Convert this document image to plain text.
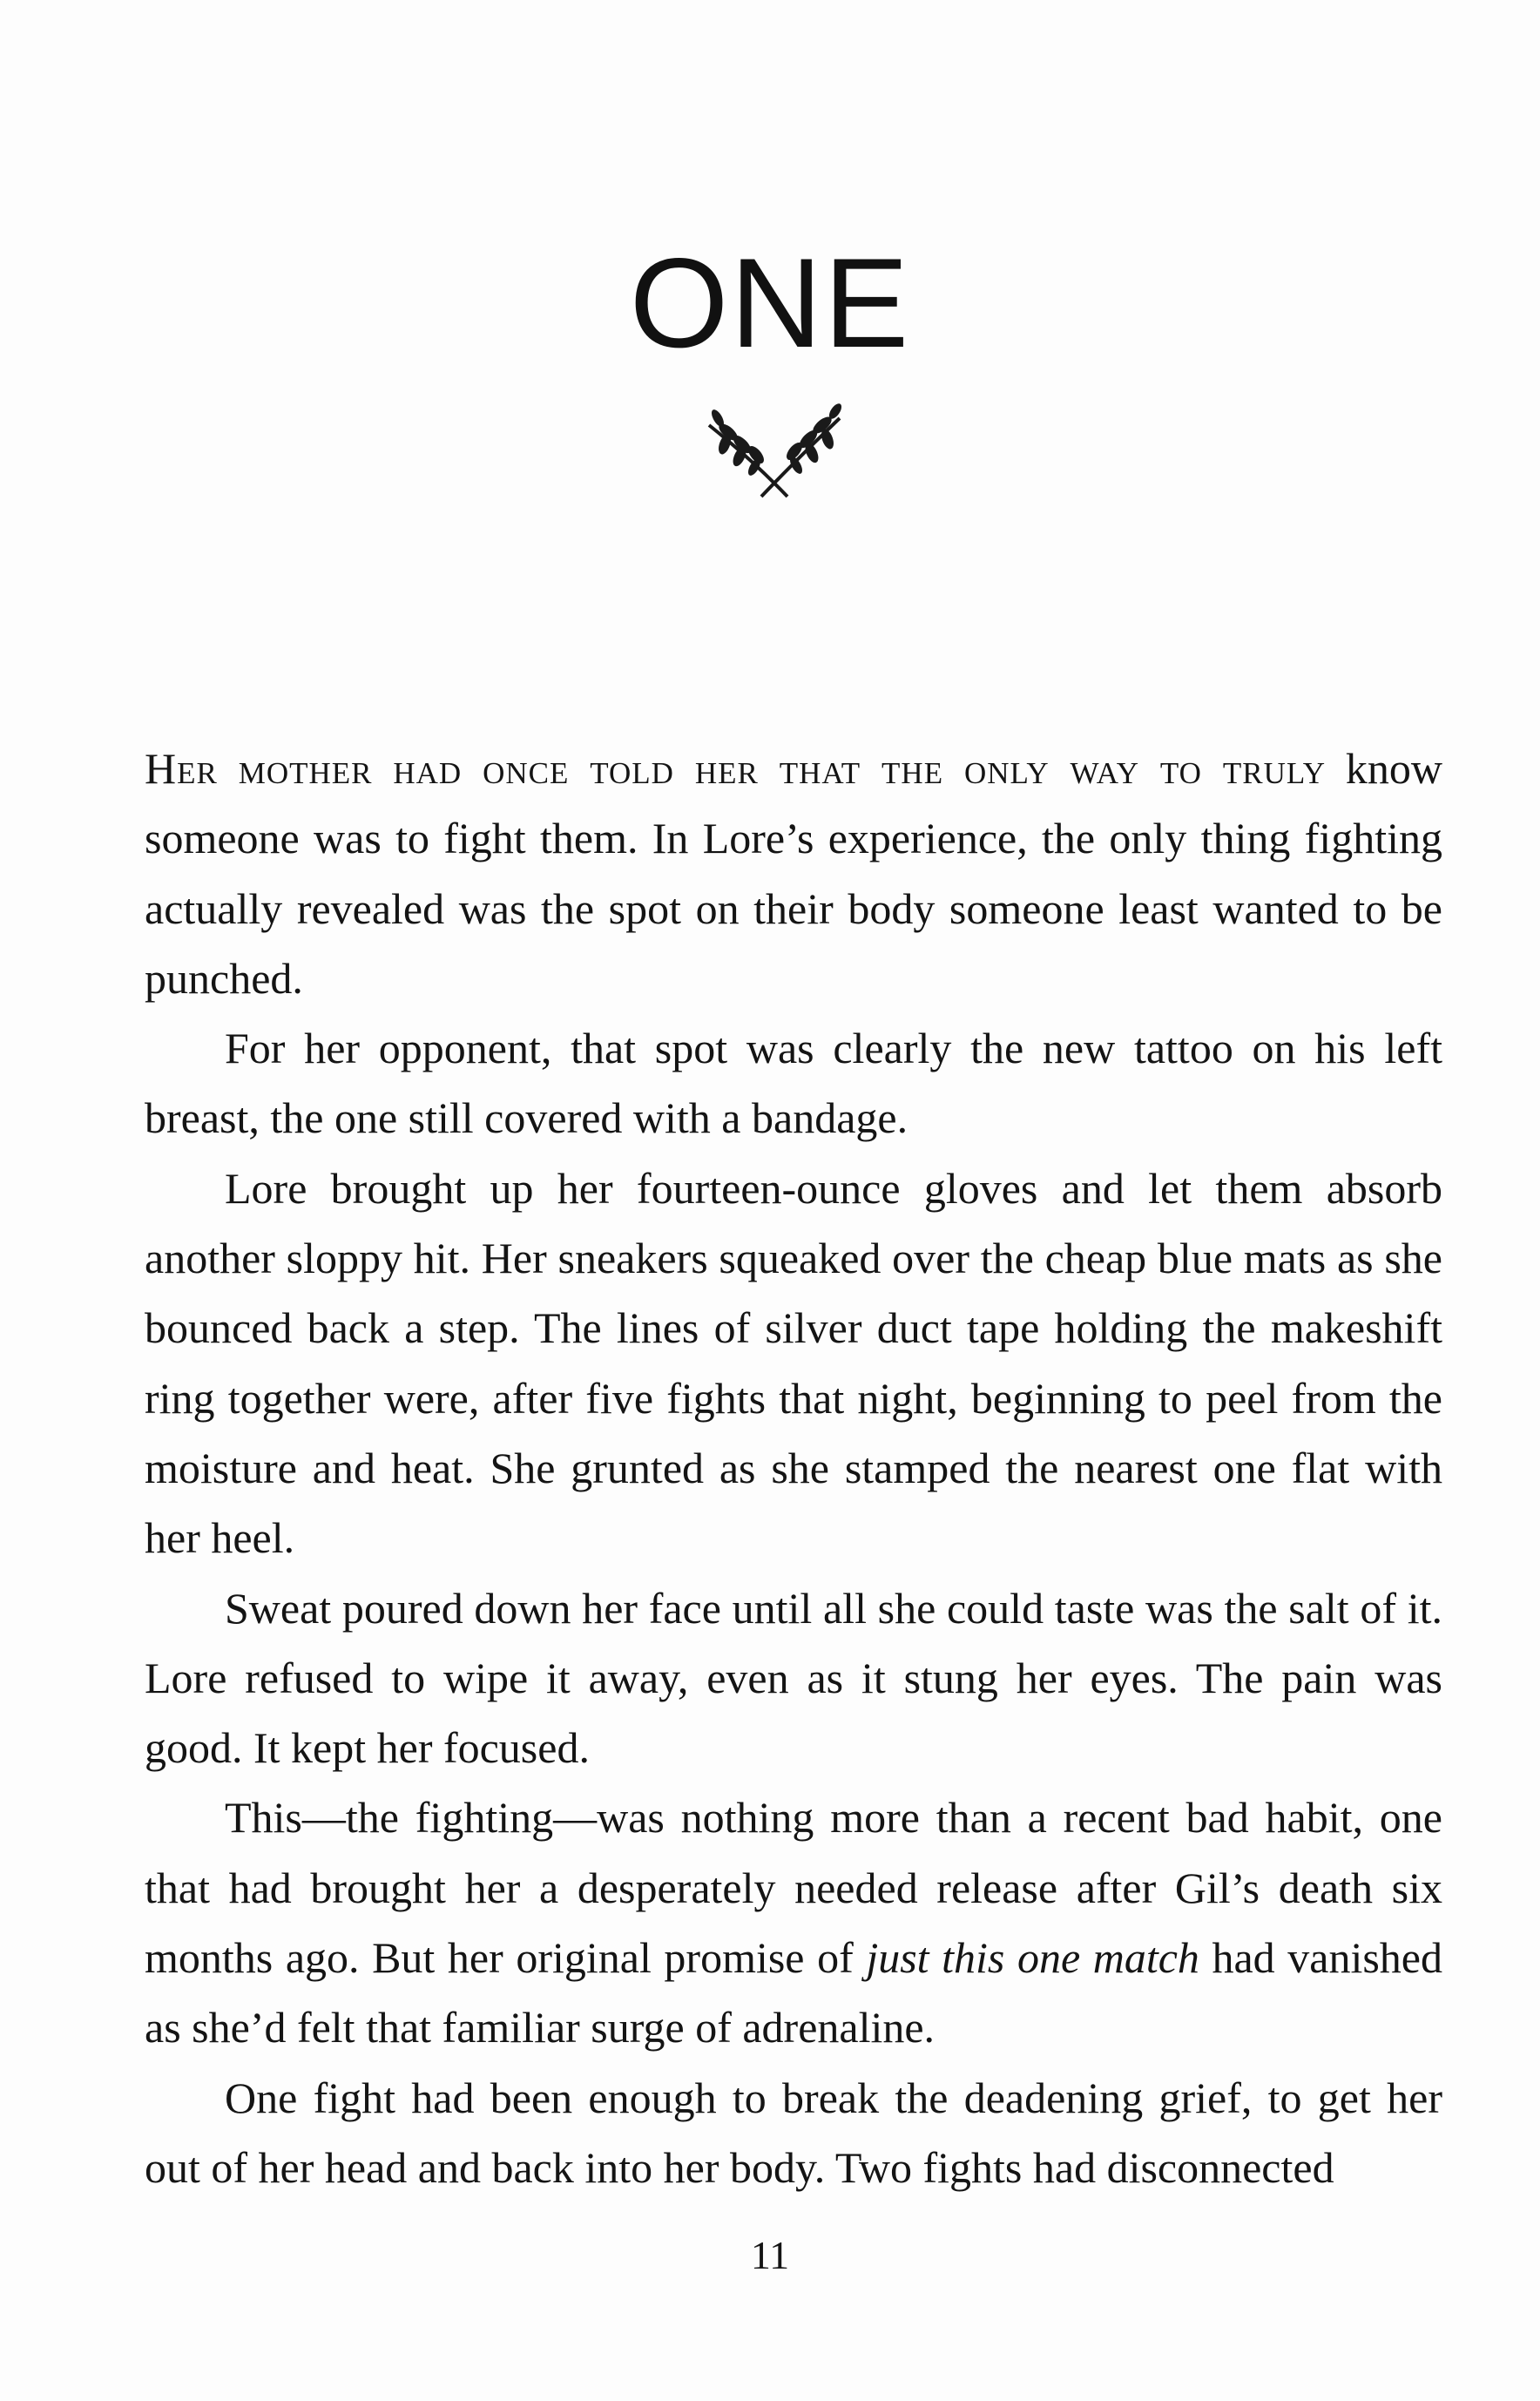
ONE

Her mother had once told her that the only way to truly know someone was to fight them. In Lore’s experience, the only thing fighting actually revealed was the spot on their body someone least wanted to be punched.

For her opponent, that spot was clearly the new tattoo on his left breast, the one still covered with a bandage.

Lore brought up her fourteen-ounce gloves and let them absorb another sloppy hit. Her sneakers squeaked over the cheap blue mats as she bounced back a step. The lines of silver duct tape holding the makeshift ring together were, after five fights that night, beginning to peel from the moisture and heat. She grunted as she stamped the nearest one flat with her heel.

Sweat poured down her face until all she could taste was the salt of it. Lore refused to wipe it away, even as it stung her eyes. The pain was good. It kept her focused.

This—the fighting—was nothing more than a recent bad habit, one that had brought her a desperately needed release after Gil’s death six months ago. But her original promise of just this one match had vanished as she’d felt that familiar surge of adrenaline.

One fight had been enough to break the deadening grief, to get her out of her head and back into her body. Two fights had disconnected

11
